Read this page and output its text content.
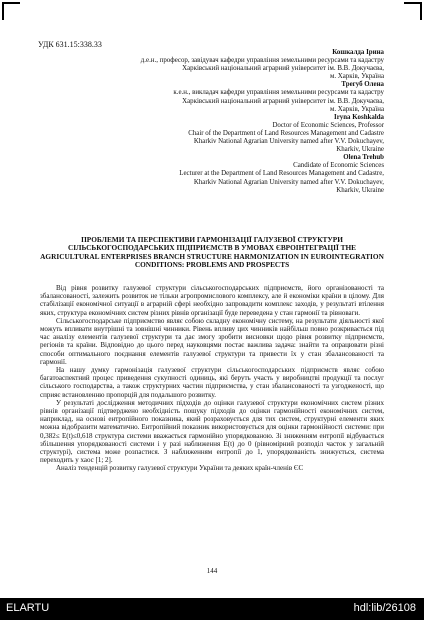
УДК 631.15:338.33
Кошкалда Ірина
д.е.н., професор, завідувач кафедри управління земельними ресурсами та кадастру
Харківський національний аграрний університет ім. В.В. Докучаєва,
м. Харків, Україна
Трегуб Олена
к.е.н., викладач кафедри управління земельними ресурсами та кадастру
Харківський національний аграрний університет ім. В.В. Докучаєва,
м. Харків, Україна
Iryna Koshkalda
Doctor of Economic Sciences, Professor
Chair of the Department of Land Resources Management and Cadastre
Kharkiv National Agrarian University named after V.V. Dokuchayev,
Kharkiv, Ukraine
Olena Trehub
Candidate of Economic Sciences
Lecturer at the Department of Land Resources Management and Cadastre,
Kharkiv National Agrarian University named after V.V. Dokuchayev,
Kharkiv, Ukraine
ПРОБЛЕМИ ТА ПЕРСПЕКТИВИ ГАРМОНІЗАЦІЇ ГАЛУЗЕВОЇ СТРУКТУРИ СІЛЬСЬКОГОСПОДАРСЬКИХ ПІДПРИЄМСТВ В УМОВАХ ЄВРОІНТЕГРАЦІЇ THE AGRICULTURAL ENTERPRISES BRANCH STRUCTURE HARMONIZATION IN EUROINTEGRATION CONDITIONS: PROBLEMS AND PROSPECTS

Від рівня розвитку галузевої структури сільськогосподарських підприємств, його організованості та збалансованості, залежить розвиток не тільки агропромислового комплексу, але й економіки країни в цілому. Для стабілізації економічної ситуації в аграрній сфері необхідно запровадити комплекс заходів, у результаті втілення яких, структура економічних систем різних рівнів організації буде переведена у стан гармонії та рівноваги.

Сільськогосподарське підприємство являє собою складну економічну систему, на результати діяльності якої можуть впливати внутрішні та зовнішні чинники. Рівень впливу цих чинників найбільш повно розкривається під час аналізу елементів галузевої структури та дає змогу зробити висновки щодо рівня розвитку підприємств, регіонів та країни. Відповідно до цього перед науковцями постає важлива задача: знайти та опрацювати різні способи оптимального поєднання елементів галузевої структури та привести їх у стан збалансованості та гармонії.

На нашу думку гармонізація галузевої структури сільськогосподарських підприємств являє собою багатоаспектний процес приведення сукупності одиниць, які беруть участь у виробництві продукції та послуг сільського господарства, а також структурних частин підприємства, у стан збалансованості та узгодженості, що сприяє встановленню пропорцій для подальшого розвитку.

У результаті дослідження методичних підходів до оцінки галузевої структури економічних систем різних рівнів організації підтверджено необхідність пошуку підходів до оцінки гармонійності економічних систем, наприклад, на основі ентропійного показника, який розраховується для тих систем, структурні елементи яких можна відобразити математично. Ентропійний показник використовується для оцінки гармонійності системи: при 0,382≤ E(t)≤0,618 структура системи вважається гармонійно упорядкованою. Зі зниженням ентропії відбувається збільшення упорядкованості системи і у разі наближення E(t) до 0 (рівномірний розподіл часток у загальній структурі), система може розпастися. З наближенням ентропії до 1, упорядкованість знижується, система переходить у хаос [1; 2].

Аналіз тенденцій розвитку галузевої структури України та деяких країн-членів ЄС

144
ELARTU	hdl:lib/26108
